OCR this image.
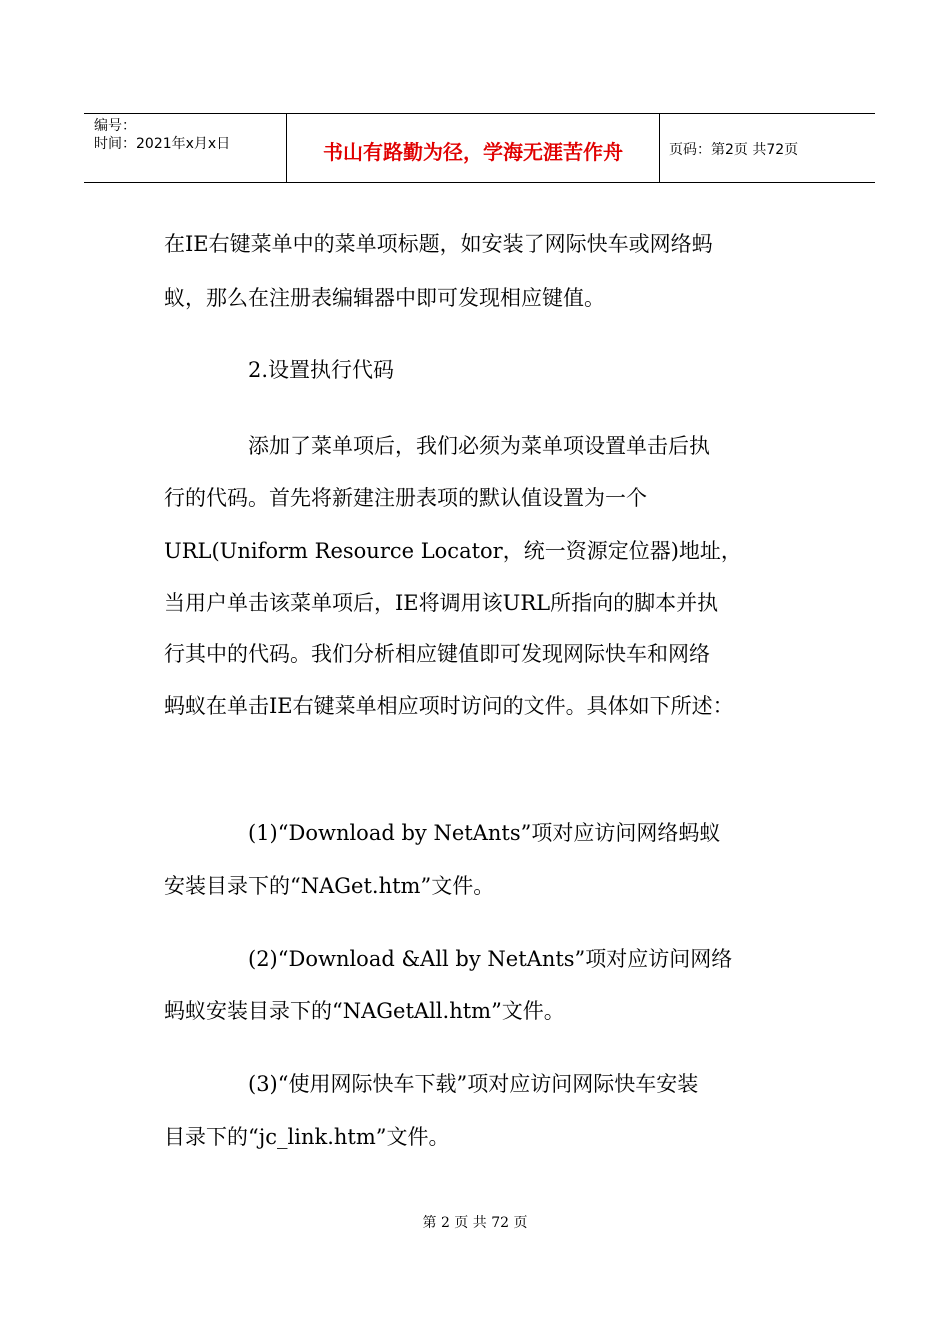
编号：
时间：2021年x月x日	书山有路勤为径，学海无涯苦作舟	页码：第2页 共72页
在IE右键菜单中的菜单项标题，如安装了网际快车或网络蚂
蚁，那么在注册表编辑器中即可发现相应键值。
2.设置执行代码
添加了菜单项后，我们必须为菜单项设置单击后执
行的代码。首先将新建注册表项的默认值设置为一个
URL(Uniform Resource Locator，统一资源定位器)地址，
当用户单击该菜单项后，IE将调用该URL所指向的脚本并执
行其中的代码。我们分析相应键值即可发现网际快车和网络
蚂蚁在单击IE右键菜单相应项时访问的文件。具体如下所述：
(1)“Download by NetAnts”项对应访问网络蚂蚁
安装目录下的“NAGet.htm”文件。
(2)“Download &All by NetAnts”项对应访问网络
蚂蚁安装目录下的“NAGetAll.htm”文件。
(3)“使用网际快车下载”项对应访问网际快车安装
目录下的“jc_link.htm”文件。
第 2 页 共 72 页
